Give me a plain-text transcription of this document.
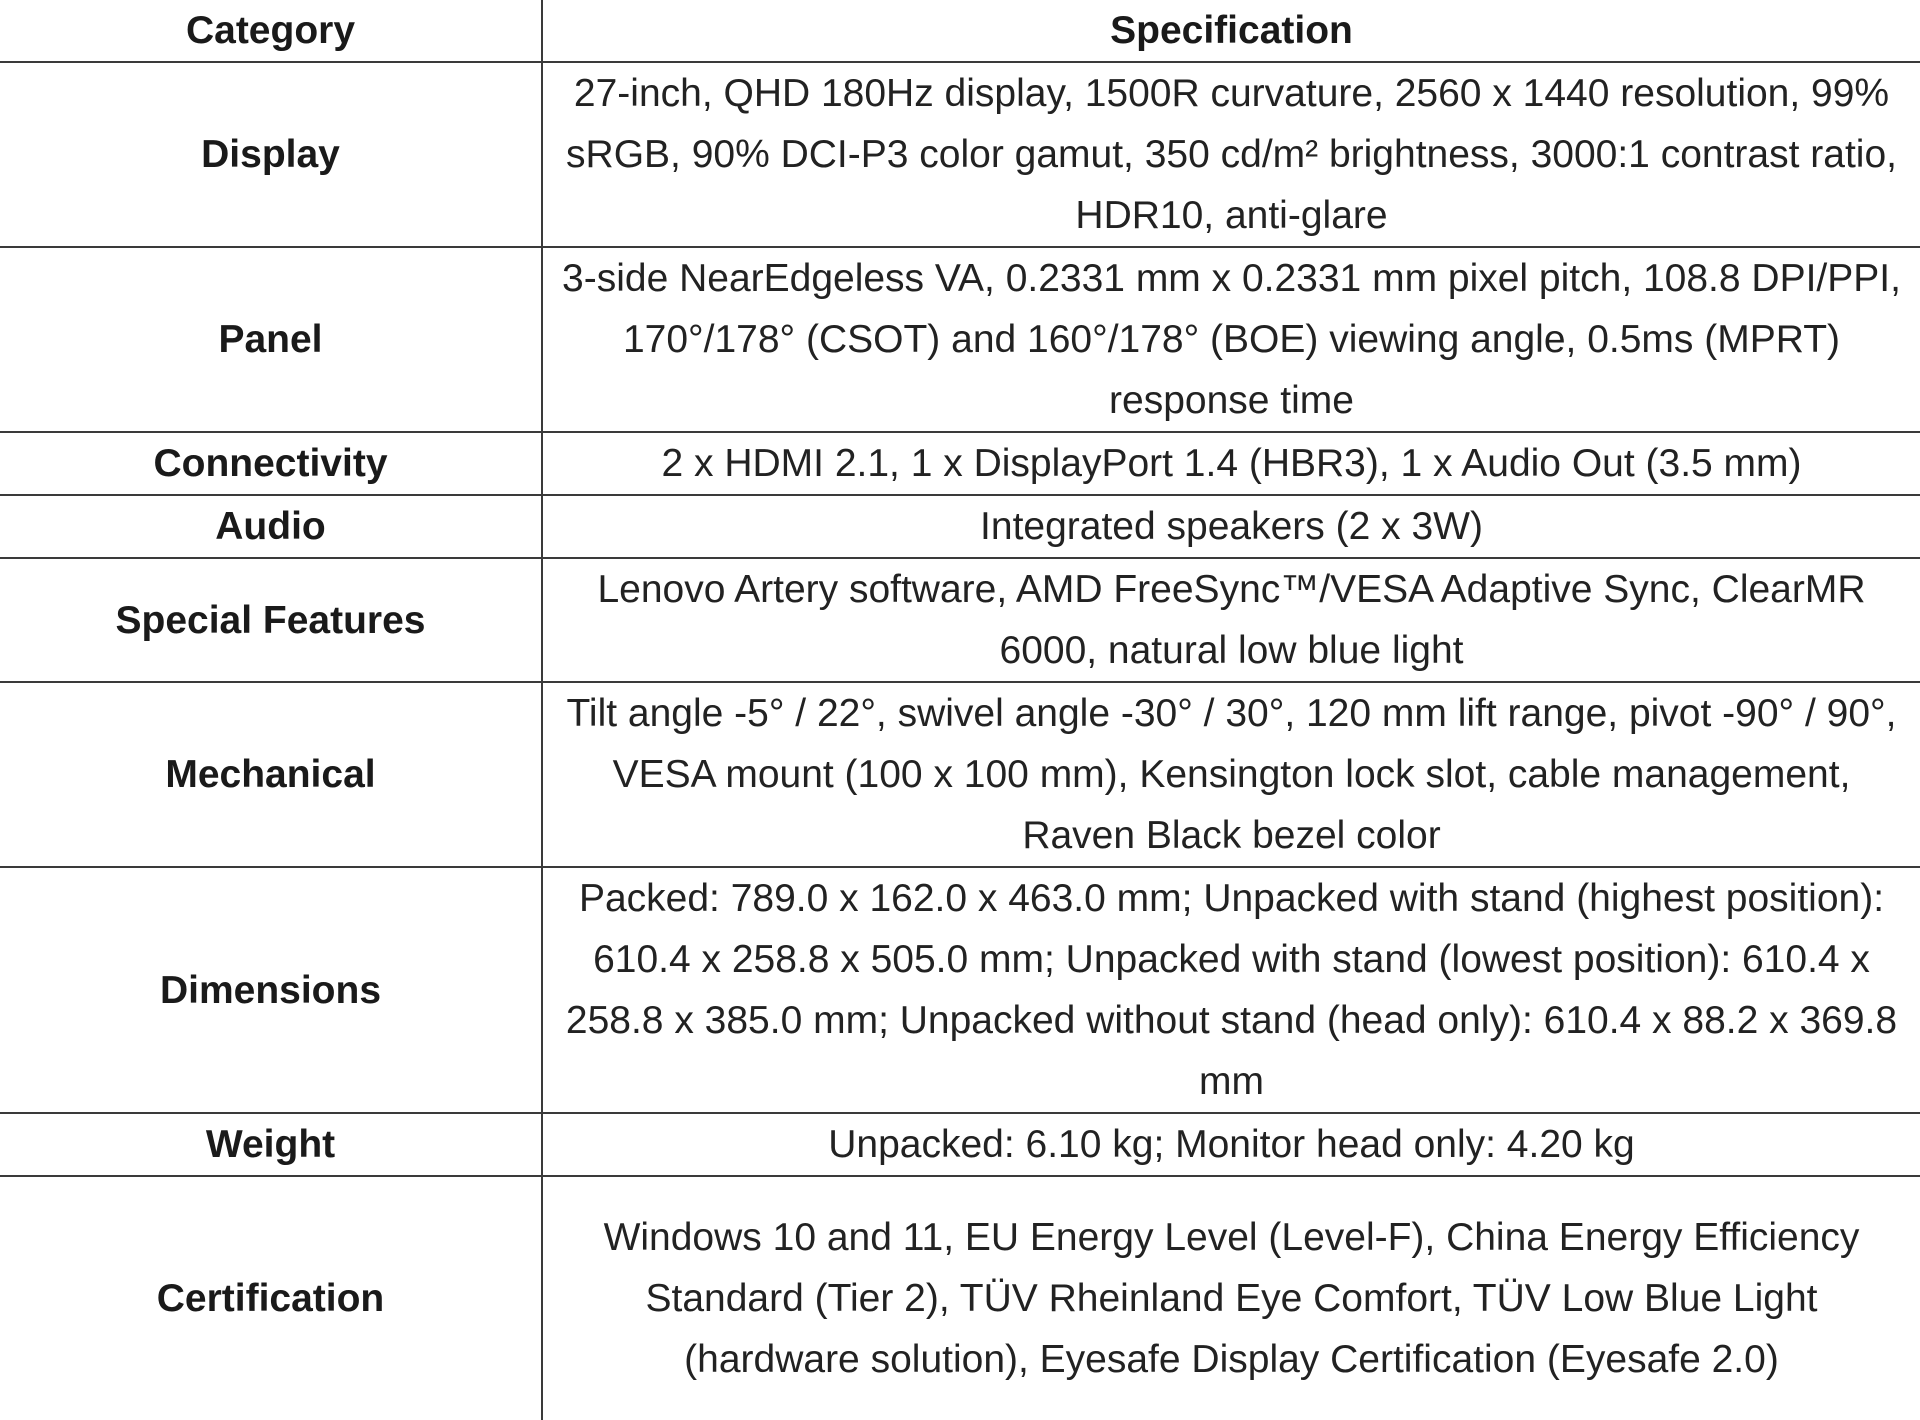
Category	Specification
Display	27-inch, QHD 180Hz display, 1500R curvature, 2560 x 1440 resolution, 99% sRGB, 90% DCI-P3 color gamut, 350 cd/m² brightness, 3000:1 contrast ratio, HDR10, anti-glare
Panel	3-side NearEdgeless VA, 0.2331 mm x 0.2331 mm pixel pitch, 108.8 DPI/PPI, 170°/178° (CSOT) and 160°/178° (BOE) viewing angle, 0.5ms (MPRT) response time
Connectivity	2 x HDMI 2.1, 1 x DisplayPort 1.4 (HBR3), 1 x Audio Out (3.5 mm)
Audio	Integrated speakers (2 x 3W)
Special Features	Lenovo Artery software, AMD FreeSync™/VESA Adaptive Sync, ClearMR 6000, natural low blue light
Mechanical	Tilt angle -5° / 22°, swivel angle -30° / 30°, 120 mm lift range, pivot -90° / 90°, VESA mount (100 x 100 mm), Kensington lock slot, cable management, Raven Black bezel color
Dimensions	Packed: 789.0 x 162.0 x 463.0 mm; Unpacked with stand (highest position): 610.4 x 258.8 x 505.0 mm; Unpacked with stand (lowest position): 610.4 x 258.8 x 385.0 mm; Unpacked without stand (head only): 610.4 x 88.2 x 369.8 mm
Weight	Unpacked: 6.10 kg; Monitor head only: 4.20 kg
Certification	Windows 10 and 11, EU Energy Level (Level-F), China Energy Efficiency Standard (Tier 2), TÜV Rheinland Eye Comfort, TÜV Low Blue Light (hardware solution), Eyesafe Display Certification (Eyesafe 2.0)
